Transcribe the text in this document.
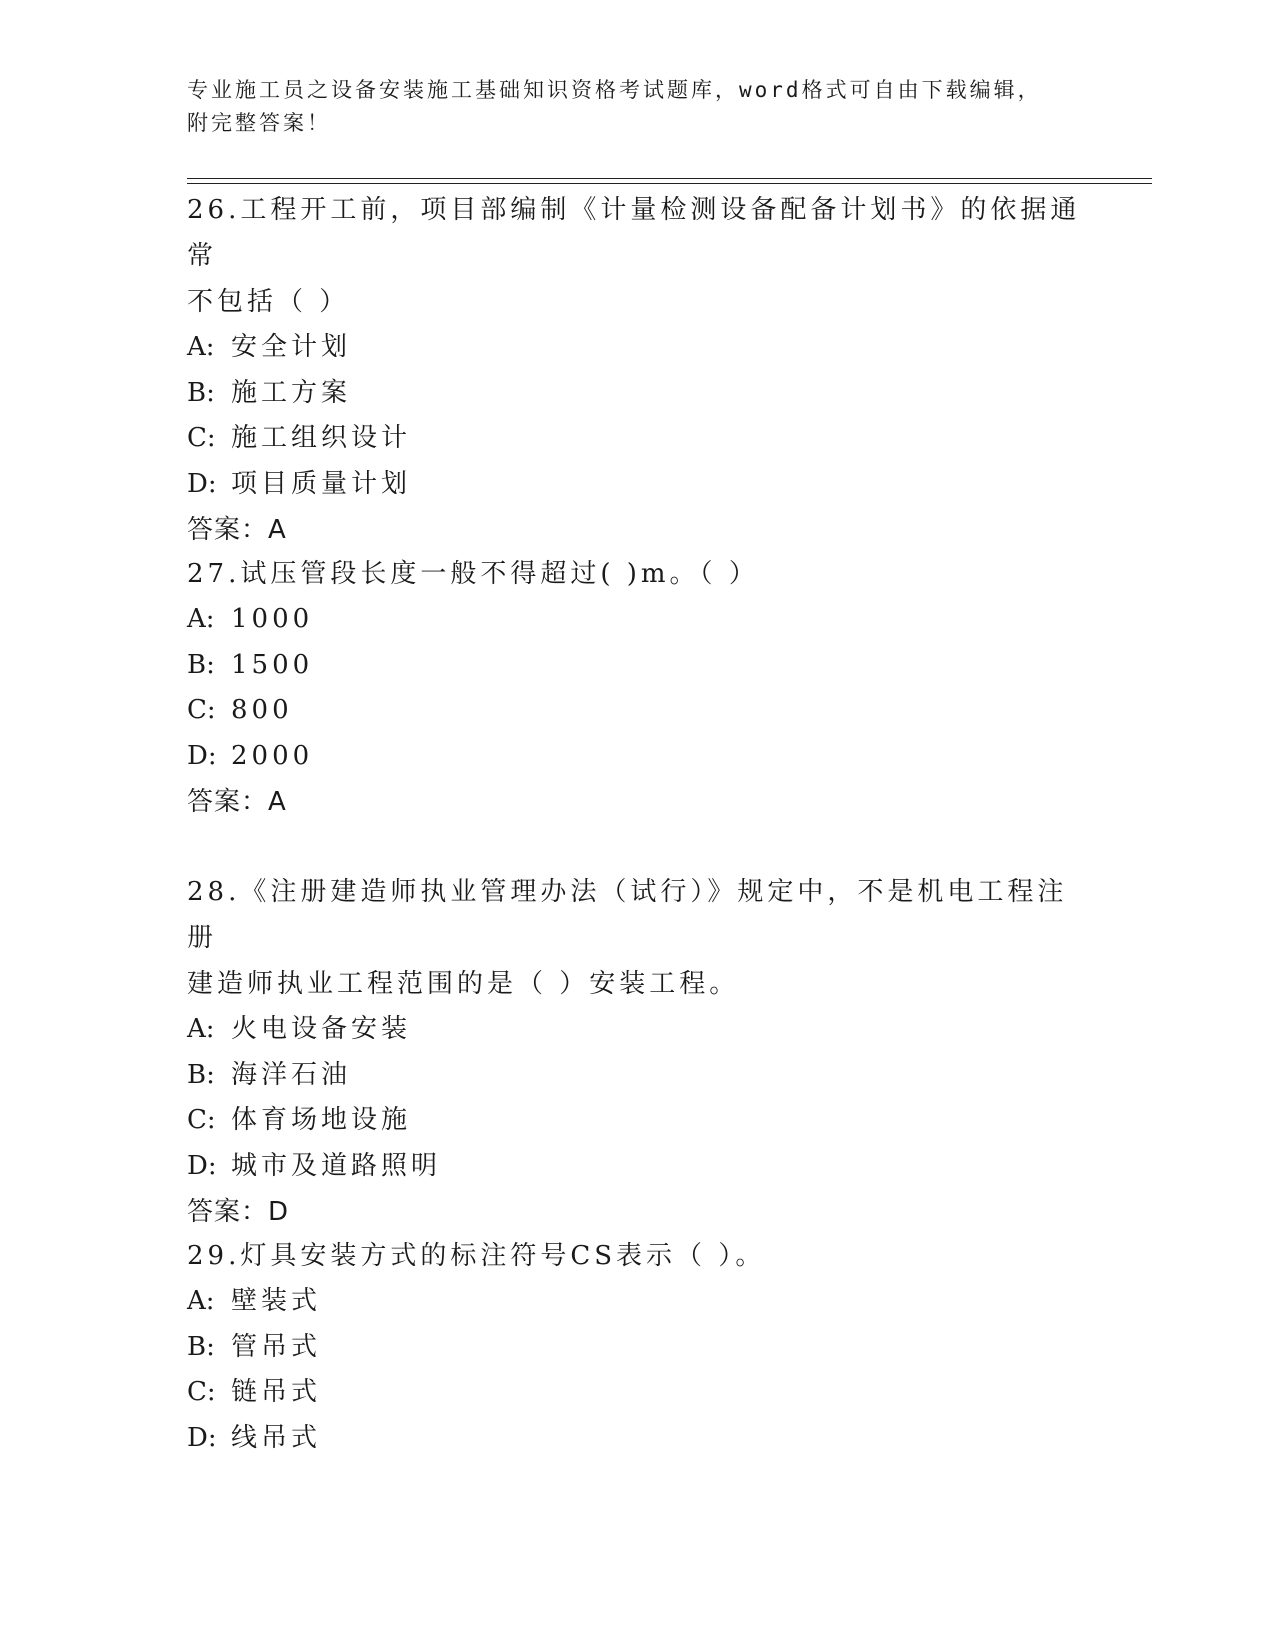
专业施工员之设备安装施工基础知识资格考试题库，word格式可自由下载编辑，
附完整答案！

26.工程开工前，项目部编制《计量检测设备配备计划书》的依据通常

不包括（ ）

A: 安全计划

B: 施工方案

C: 施工组织设计

D: 项目质量计划

答案：A

27.试压管段长度一般不得超过( )m。（ ）

A: 1000

B: 1500

C: 800

D: 2000

答案：A

28.《注册建造师执业管理办法（试行）》规定中，不是机电工程注册

建造师执业工程范围的是（ ）安装工程。

A: 火电设备安装

B: 海洋石油

C: 体育场地设施

D: 城市及道路照明

答案：D

29.灯具安装方式的标注符号CS表示（ ）。

A: 壁装式

B: 管吊式

C: 链吊式

D: 线吊式
